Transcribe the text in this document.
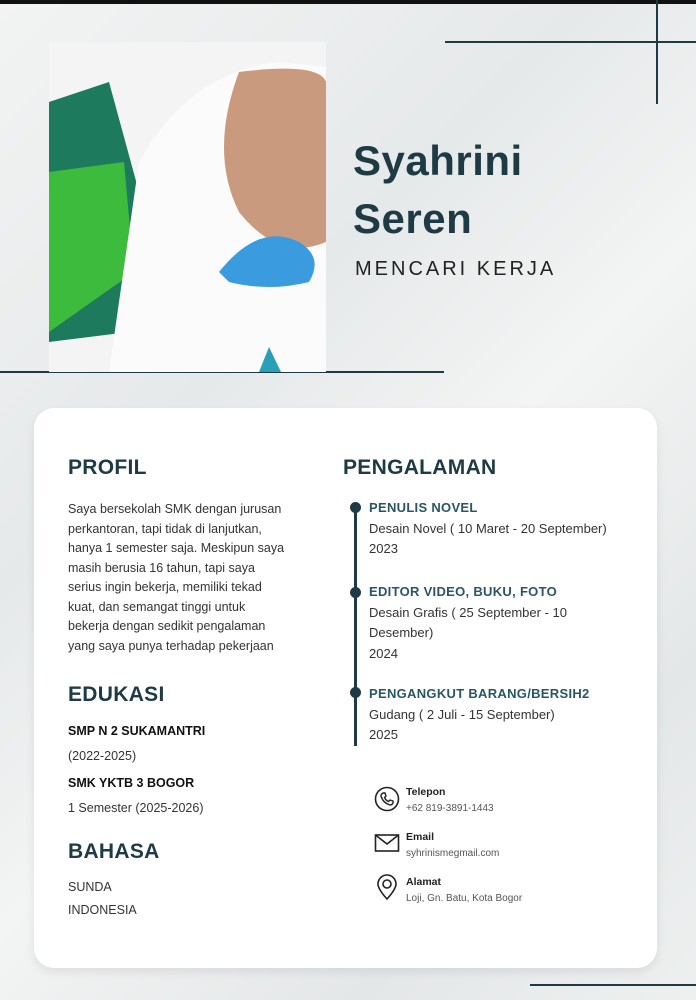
Syahrini
Seren
MENCARI KERJA
PROFIL
Saya bersekolah SMK dengan jurusan
perkantoran, tapi tidak di lanjutkan,
hanya 1 semester saja. Meskipun saya
masih berusia 16 tahun, tapi saya
serius ingin bekerja, memiliki tekad
kuat, dan semangat tinggi untuk
bekerja dengan sedikit pengalaman
yang saya punya terhadap pekerjaan
EDUKASI
SMP N 2 SUKAMANTRI
(2022-2025)
SMK YKTB 3 BOGOR
1 Semester (2025-2026)
BAHASA
SUNDA
INDONESIA
PENGALAMAN
PENULIS NOVEL
Desain Novel ( 10 Maret - 20 September)
2023
EDITOR VIDEO, BUKU, FOTO
Desain Grafis ( 25 September - 10 Desember)
2024
PENGANGKUT BARANG/BERSIH2
Gudang ( 2 Juli - 15 September)
2025
Telepon
+62 819-3891-1443
Email
syhrinismegmail.com
Alamat
Loji, Gn. Batu, Kota Bogor
